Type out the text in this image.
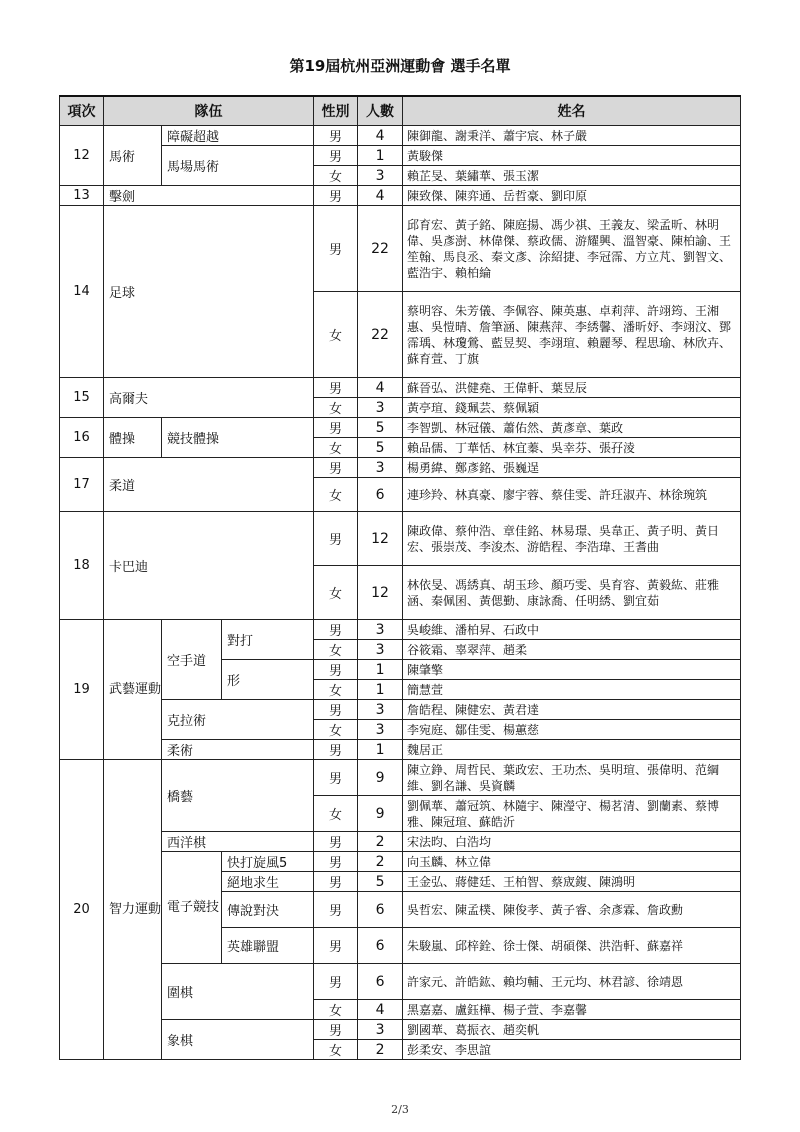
第19屆杭州亞洲運動會 選手名單
項次	隊伍			性別	人數	姓名
12	馬術	障礙超越		男	4	陳御龍、謝秉洋、蕭宇宸、林子嚴
		馬場馬術		男	1	黃駿傑
				女	3	賴芷旻、葉繡華、張玉潔
13	擊劍			男	4	陳致傑、陳弈通、岳哲豪、劉印原
14	足球			男	22	邱育宏、黃子銘、陳庭揚、馮少祺、王義友、梁孟昕、林明偉、吳彥澍、林偉傑、蔡政儒、游耀興、溫智豪、陳柏諭、王笙翰、馬良丞、秦文彥、涂紹捷、李冠霈、方立芃、劉智文、藍浩宇、賴柏綸
				女	22	蔡明容、朱芳儀、李佩容、陳英惠、卓莉萍、許翊筠、王湘惠、吳愷晴、詹筆涵、陳燕萍、李綉馨、潘昕妤、李翊汶、鄧霈瑀、林瓊鶯、藍昱契、李翊瑄、賴麗琴、程思瑜、林欣卉、蘇育萱、丁旗
15	高爾夫			男	4	蘇晉弘、洪健堯、王偉軒、葉昱辰
				女	3	黃亭瑄、錢珮芸、蔡佩穎
16	體操	競技體操		男	5	李智凱、林冠儀、蕭佑然、黃彥章、葉政
				女	5	賴品儒、丁華恬、林宜蓁、吳幸芬、張孖淩
17	柔道			男	3	楊勇緯、鄭彥銘、張巍逞
				女	6	連珍羚、林真豪、廖宇蓉、蔡佳雯、許玨淑卉、林徐琬筑
18	卡巴迪			男	12	陳政偉、蔡仲浩、章佳銘、林易璟、吳韋正、黃子明、黃日宏、張崇茂、李浚杰、游皓程、李浩瑋、王耆曲
				女	12	林依旻、馮綉真、胡玉珍、顏巧雯、吳育容、黃毅紘、莊雅涵、秦佩囷、黃偲勤、康詠喬、任明綉、劉宜茹
19	武藝運動	空手道	對打	男	3	吳峻維、潘柏昇、石政中
				女	3	谷筱霜、辜翠萍、趙柔
			形	男	1	陳肇擎
				女	1	簡慧萱
		克拉術		男	3	詹皓程、陳健宏、黃君達
				女	3	李宛庭、鄒佳雯、楊蕙慈
		柔術		男	1	魏居正
20	智力運動	橋藝		男	9	陳立錚、周哲民、葉政宏、王功杰、吳明瑄、張偉明、范綱維、劉名謙、吳資麟
				女	9	劉佩華、蕭冠筑、林隨宇、陳瀅守、楊茗清、劉蘭素、蔡博雅、陳冠瑄、蘇皓沂
		西洋棋		男	2	宋法昀、白浩均
		電子競技	快打旋風5	男	2	向玉麟、林立偉
			絕地求生	男	5	王金弘、蔣健廷、王柏智、蔡宬鍑、陳鴻明
			傳說對決	男	6	吳哲宏、陳孟樸、陳俊孝、黃子睿、余彥霖、詹政勳
			英雄聯盟	男	6	朱駿嵐、邱梓銓、徐士傑、胡碩傑、洪浩軒、蘇嘉祥
		圍棋		男	6	許家元、許皓鈜、賴均輔、王元均、林君諺、徐靖恩
				女	4	黑嘉嘉、盧鈺樺、楊子萱、李嘉馨
		象棋		男	3	劉國華、葛振衣、趙奕帆
				女	2	彭柔安、李思誼
2/3
